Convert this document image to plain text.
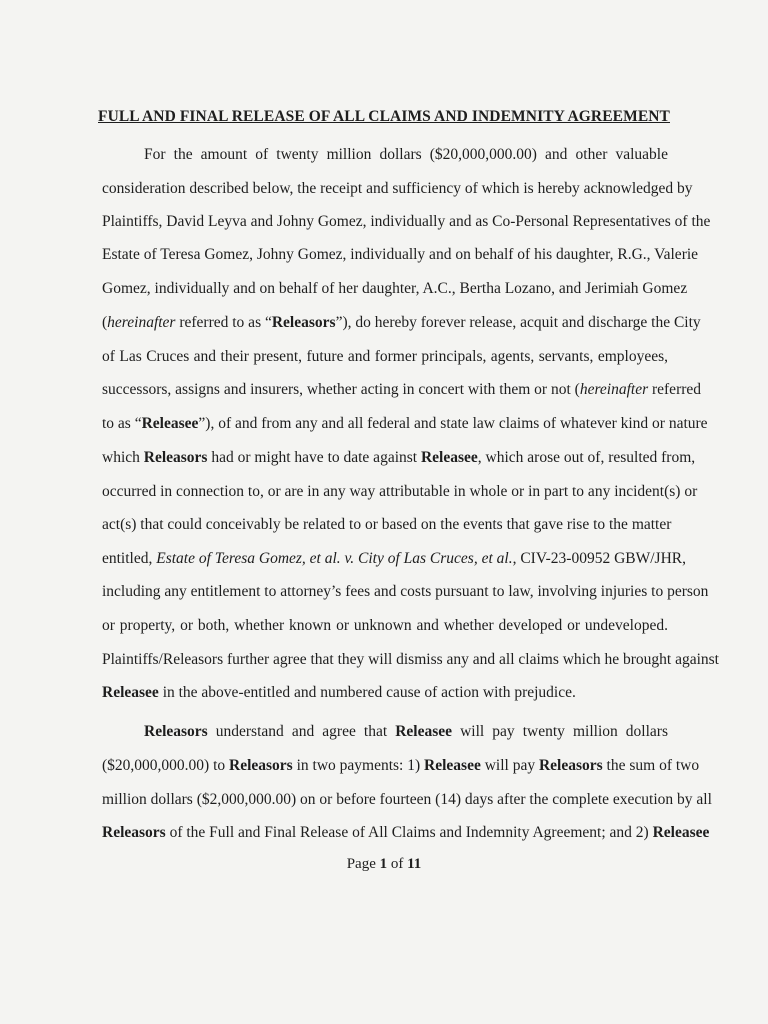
FULL AND FINAL RELEASE OF ALL CLAIMS AND INDEMNITY AGREEMENT
For the amount of twenty million dollars ($20,000,000.00) and other valuable
consideration described below, the receipt and sufficiency of which is hereby acknowledged by
Plaintiffs, David Leyva and Johny Gomez, individually and as Co-Personal Representatives of the
Estate of Teresa Gomez, Johny Gomez, individually and on behalf of his daughter, R.G., Valerie
Gomez, individually and on behalf of her daughter, A.C., Bertha Lozano, and Jerimiah Gomez
(hereinafter referred to as “Releasors”), do hereby forever release, acquit and discharge the City
of Las Cruces and their present, future and former principals, agents, servants, employees,
successors, assigns and insurers, whether acting in concert with them or not (hereinafter referred
to as “Releasee”), of and from any and all federal and state law claims of whatever kind or nature
which Releasors had or might have to date against Releasee, which arose out of, resulted from,
occurred in connection to, or are in any way attributable in whole or in part to any incident(s) or
act(s) that could conceivably be related to or based on the events that gave rise to the matter
entitled, Estate of Teresa Gomez, et al. v. City of Las Cruces, et al., CIV-23-00952 GBW/JHR,
including any entitlement to attorney’s fees and costs pursuant to law, involving injuries to person
or property, or both, whether known or unknown and whether developed or undeveloped.
Plaintiffs/Releasors further agree that they will dismiss any and all claims which he brought against
Releasee in the above-entitled and numbered cause of action with prejudice.
Releasors understand and agree that Releasee will pay twenty million dollars
($20,000,000.00) to Releasors in two payments: 1) Releasee will pay Releasors the sum of two
million dollars ($2,000,000.00) on or before fourteen (14) days after the complete execution by all
Releasors of the Full and Final Release of All Claims and Indemnity Agreement; and 2) Releasee
Page 1 of 11
